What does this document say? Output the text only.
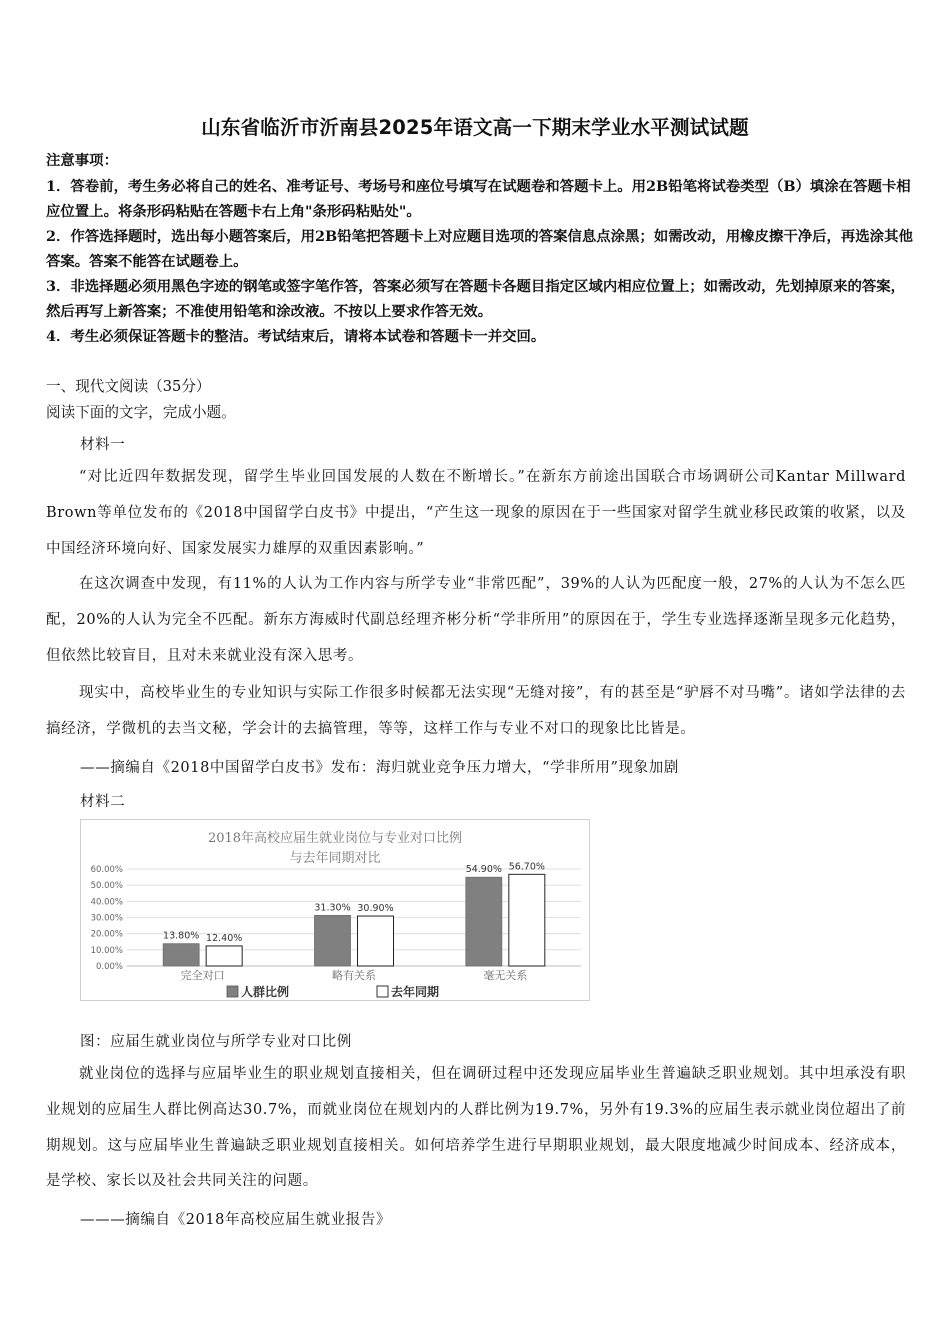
山东省临沂市沂南县2025年语文高一下期末学业水平测试试题
注意事项：
1．答卷前，考生务必将自己的姓名、准考证号、考场号和座位号填写在试题卷和答题卡上。用2B铅笔将试卷类型（B）填涂在答题卡相应位置上。将条形码粘贴在答题卡右上角"条形码粘贴处"。
2．作答选择题时，选出每小题答案后，用2B铅笔把答题卡上对应题目选项的答案信息点涂黑；如需改动，用橡皮擦干净后，再选涂其他答案。答案不能答在试题卷上。
3．非选择题必须用黑色字迹的钢笔或签字笔作答，答案必须写在答题卡各题目指定区域内相应位置上；如需改动，先划掉原来的答案，然后再写上新答案；不准使用铅笔和涂改液。不按以上要求作答无效。
4．考生必须保证答题卡的整洁。考试结束后，请将本试卷和答题卡一并交回。
一、现代文阅读（35分）
阅读下面的文字，完成小题。
材料一
“对比近四年数据发现，留学生毕业回国发展的人数在不断增长。”在新东方前途出国联合市场调研公司Kantar Millward Brown等单位发布的《2018中国留学白皮书》中提出，“产生这一现象的原因在于一些国家对留学生就业移民政策的收紧，以及中国经济环境向好、国家发展实力雄厚的双重因素影响。”
在这次调查中发现，有11%的人认为工作内容与所学专业“非常匹配”，39%的人认为匹配度一般，27%的人认为不怎么匹配，20%的人认为完全不匹配。新东方海威时代副总经理齐彬分析“学非所用”的原因在于，学生专业选择逐渐呈现多元化趋势，但依然比较盲目，且对未来就业没有深入思考。
现实中，高校毕业生的专业知识与实际工作很多时候都无法实现“无缝对接”，有的甚至是“驴唇不对马嘴”。诸如学法律的去搞经济，学微机的去当文秘，学会计的去搞管理，等等，这样工作与专业不对口的现象比比皆是。
——摘编自《2018中国留学白皮书》发布：海归就业竞争压力增大，“学非所用”现象加剧
材料二
2018年高校应届生就业岗位与专业对口比例
与去年同期对比
0.00%
10.00%
20.00%
30.00%
40.00%
50.00%
60.00%
13.80% 12.40%
完全对口
31.30% 30.90%
略有关系
54.90% 56.70%
毫无关系
人群比例	去年同期
图：应届生就业岗位与所学专业对口比例
就业岗位的选择与应届毕业生的职业规划直接相关，但在调研过程中还发现应届毕业生普遍缺乏职业规划。其中坦承没有职业规划的应届生人群比例高达30.7%，而就业岗位在规划内的人群比例为19.7%，另外有19.3%的应届生表示就业岗位超出了前期规划。这与应届毕业生普遍缺乏职业规划直接相关。如何培养学生进行早期职业规划，最大限度地减少时间成本、经济成本，是学校、家长以及社会共同关注的问题。
———摘编自《2018年高校应届生就业报告》
